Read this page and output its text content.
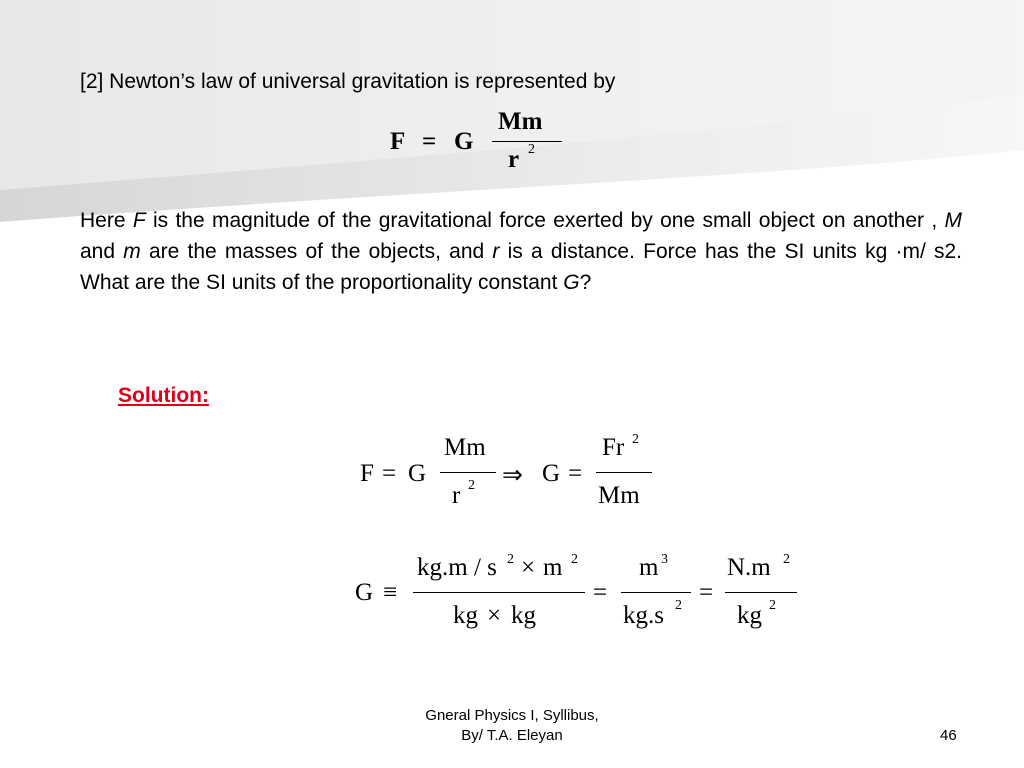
[2] Newton’s law of universal gravitation is represented by
F = G
Mm
r 2
Here F is the magnitude of the gravitational force exerted by one small object on another , M and m are the masses of the objects, and r is a distance. Force has the SI units kg ·m/ s2. What are the SI units of the proportionality constant G?
Solution:
F = G
Mm
r 2 ⇒ G =
Fr 2
Mm
G ≡
kg.m / s 2 × m 2
kg × kg
=
m 3
kg.s 2 =
N.m 2
kg 2
Gneral Physics I, Syllibus,
By/ T.A. Eleyan	46
